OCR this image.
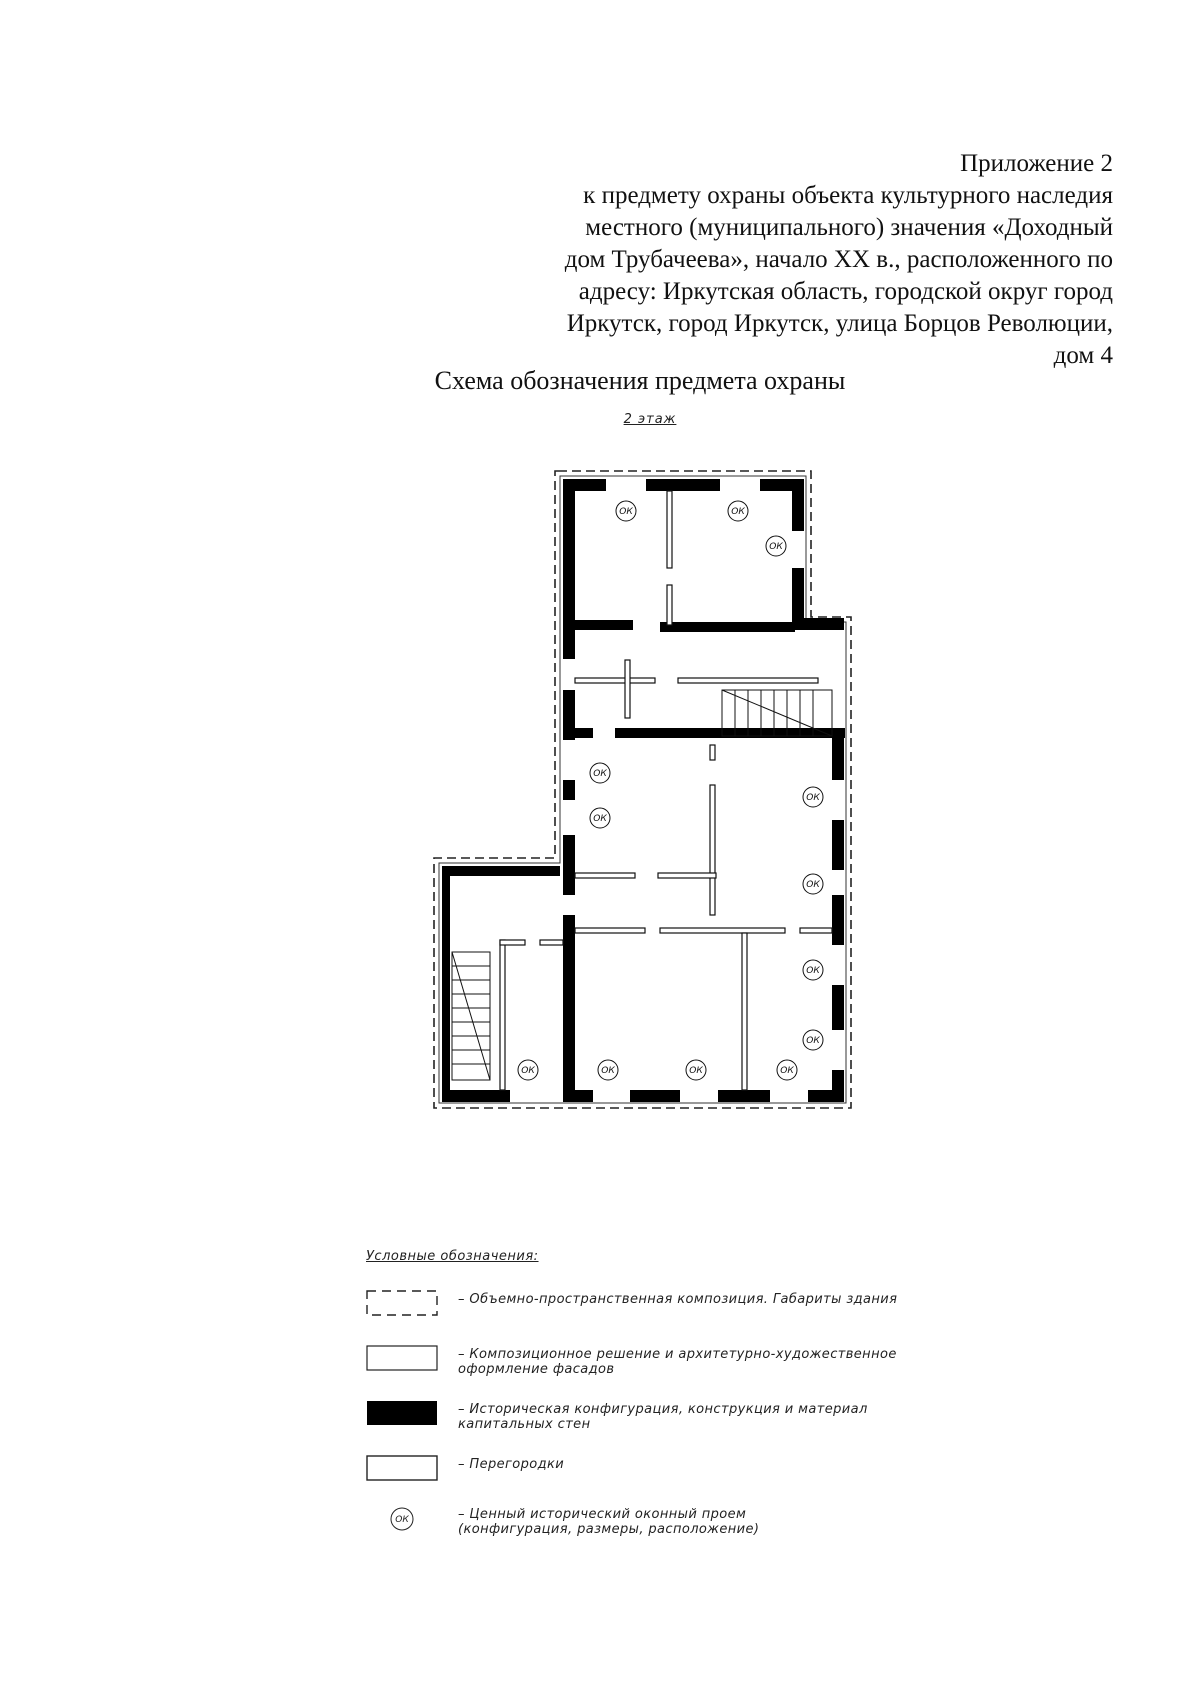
Приложение 2
к предмету охраны объекта культурного наследия
местного (муниципального) значения «Доходный
дом Трубачеева», начало XX в., расположенного по
адресу: Иркутская область, городской округ город
Иркутск, город Иркутск, улица Борцов Революции,
дом 4
Схема обозначения предмета охраны
2 этаж
ОК	ОК
ОК
ОК
ОК
ОК
ОК
ОК
ОК
ОК	ОК	ОК	ОК
Условные обозначения:
– Объемно-пространственная композиция. Габариты здания
– Композиционное решение и архитетурно-художественное
оформление фасадов
– Историческая конфигурация, конструкция и материал
капитальных стен
– Перегородки
ОК	– Ценный исторический оконный проем
(конфигурация, размеры, расположение)
